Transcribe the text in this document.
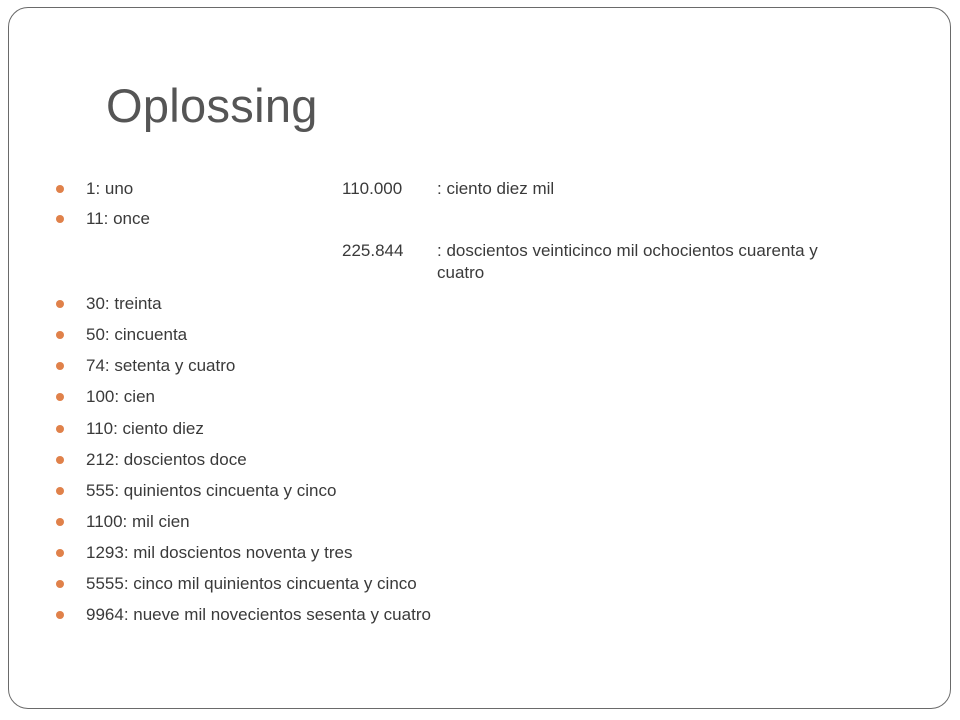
Oplossing
110.000 : ciento diez mil
225.844 : doscientos veinticinco mil ochocientos cuarenta y cuatro
1: uno
11: once
30: treinta
50: cincuenta
74: setenta y cuatro
100: cien
110: ciento diez
212: doscientos doce
555: quinientos cincuenta y cinco
1100: mil cien
1293: mil doscientos noventa y tres
5555: cinco mil quinientos cincuenta y cinco
9964: nueve mil novecientos sesenta y cuatro
